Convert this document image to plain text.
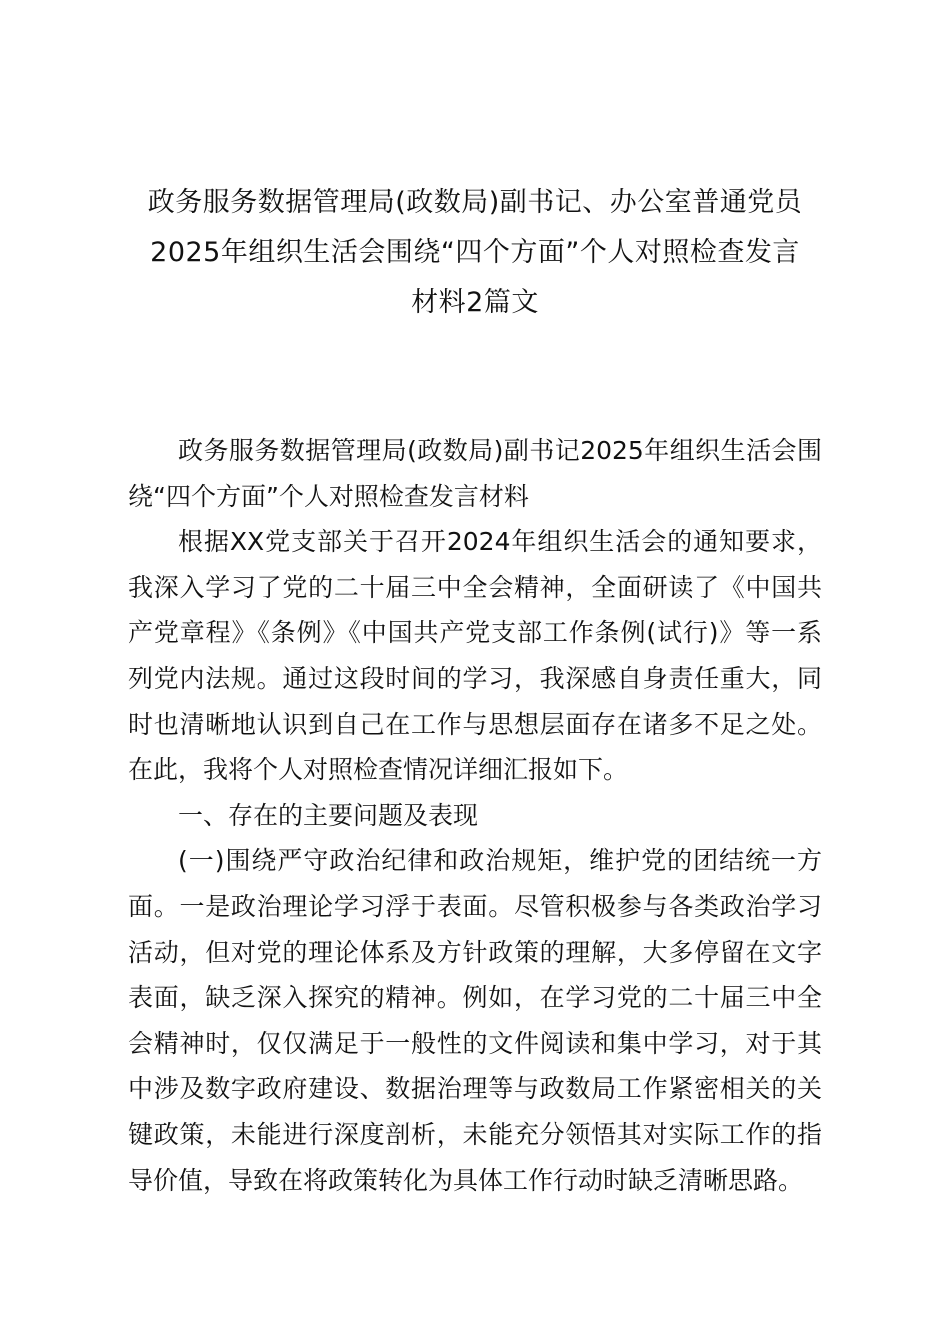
政务服务数据管理局(政数局)副书记、办公室普通党员
2025年组织生活会围绕“四个方面”个人对照检查发言
材料2篇文

政务服务数据管理局(政数局)副书记2025年组织生活会围绕“四个方面”个人对照检查发言材料

根据XX党支部关于召开2024年组织生活会的通知要求，我深入学习了党的二十届三中全会精神，全面研读了《中国共产党章程》《条例》《中国共产党支部工作条例(试行)》等一系列党内法规。通过这段时间的学习，我深感自身责任重大，同时也清晰地认识到自己在工作与思想层面存在诸多不足之处。在此，我将个人对照检查情况详细汇报如下。

一、存在的主要问题及表现

(一)围绕严守政治纪律和政治规矩，维护党的团结统一方面。一是政治理论学习浮于表面。尽管积极参与各类政治学习活动，但对党的理论体系及方针政策的理解，大多停留在文字表面，缺乏深入探究的精神。例如，在学习党的二十届三中全会精神时，仅仅满足于一般性的文件阅读和集中学习，对于其中涉及数字政府建设、数据治理等与政数局工作紧密相关的关键政策，未能进行深度剖析，未能充分领悟其对实际工作的指导价值，导致在将政策转化为具体工作行动时缺乏清晰思路。
